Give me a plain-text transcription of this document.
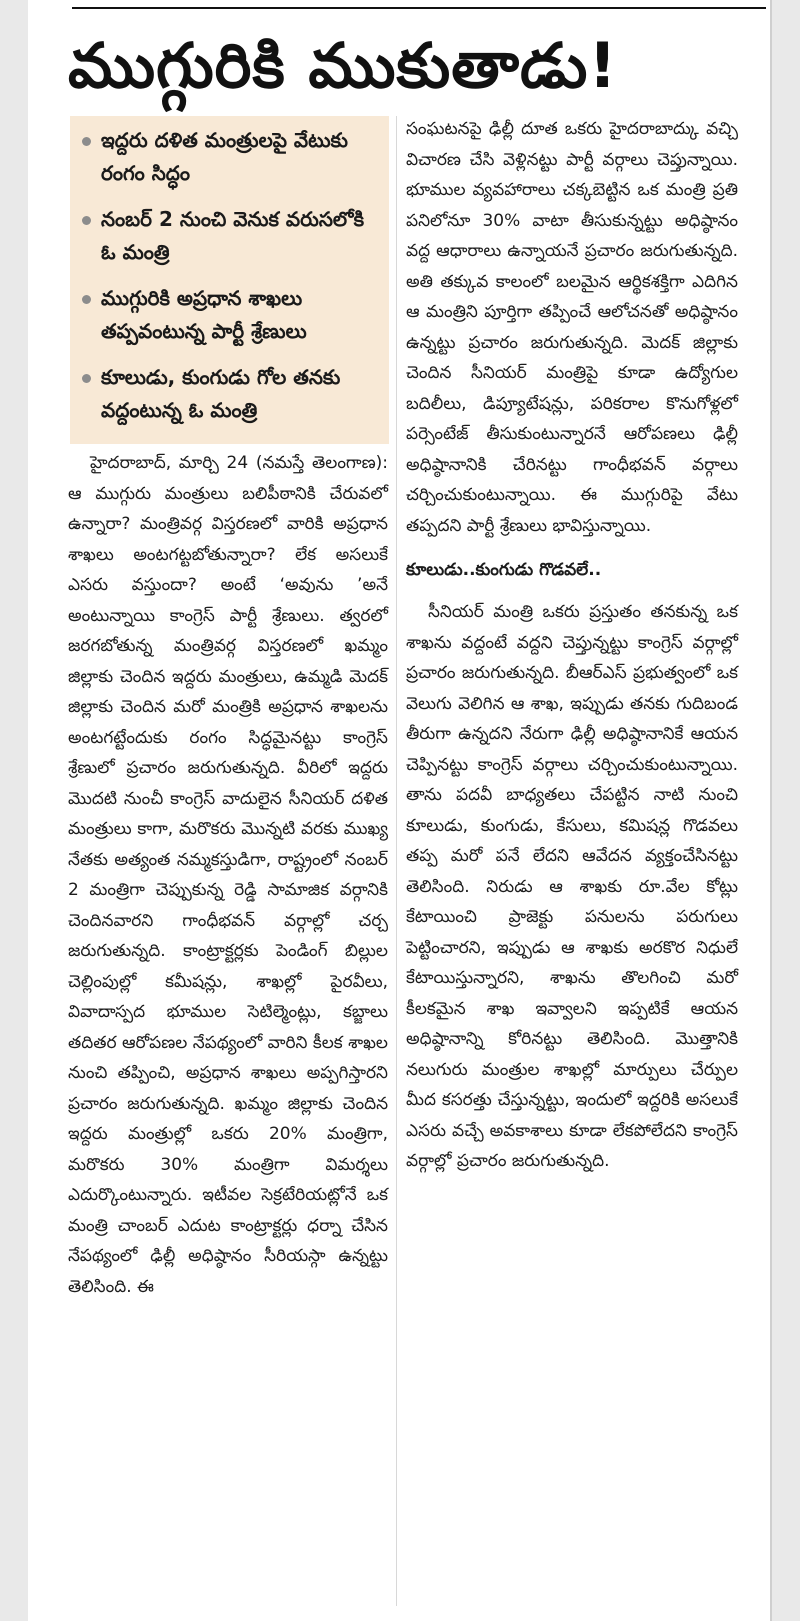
ముగ్గురికి ముకుతాడు!
ఇద్దరు దళిత మంత్రులపై వేటుకు రంగం సిద్ధం
నంబర్ 2 నుంచి వెనుక వరుసలోకి ఓ మంత్రి
ముగ్గురికి అప్రధాన శాఖలు తప్పవంటున్న పార్టీ శ్రేణులు
కూలుడు, కుంగుడు గోల తనకు వద్దంటున్న ఓ మంత్రి

హైదరాబాద్, మార్చి 24 (నమస్తే తెలంగాణ): ఆ ముగ్గురు మంత్రులు బలిపీఠానికి చేరువలో ఉన్నారా? మంత్రివర్గ విస్తరణలో వారికి అప్రధాన శాఖలు అంటగట్టబోతున్నారా? లేక అసలుకే ఎసరు వస్తుందా? అంటే ‘అవును ’అనే అంటున్నాయి కాంగ్రెస్ పార్టీ శ్రేణులు. త్వరలో జరగబోతున్న మంత్రివర్గ విస్తరణలో ఖమ్మం జిల్లాకు చెందిన ఇద్దరు మంత్రులు, ఉమ్మడి మెదక్ జిల్లాకు చెందిన మరో మంత్రికి అప్రధాన శాఖలను అంటగట్టేందుకు రంగం సిద్ధమైనట్టు కాంగ్రెస్ శ్రేణులో ప్రచారం జరుగుతున్నది. వీరిలో ఇద్దరు మొదటి నుంచీ కాంగ్రెస్ వాదులైన సీనియర్ దళిత మంత్రులు కాగా, మరొకరు మొన్నటి వరకు ముఖ్య నేతకు అత్యంత నమ్మకస్తుడిగా, రాష్ట్రంలో నంబర్ 2 మంత్రిగా చెప్పుకున్న రెడ్డి సామాజిక వర్గానికి చెందినవారని గాంధీభవన్ వర్గాల్లో చర్చ జరుగుతున్నది. కాంట్రాక్టర్లకు పెండింగ్ బిల్లుల చెల్లింపుల్లో కమీషన్లు, శాఖల్లో పైరవీలు, వివాదాస్పద భూముల సెటిల్మెంట్లు, కబ్జాలు తదితర ఆరోపణల నేపథ్యంలో వారిని కీలక శాఖల నుంచి తప్పించి, అప్రధాన శాఖలు అప్పగిస్తారని ప్రచారం జరుగుతున్నది. ఖమ్మం జిల్లాకు చెందిన ఇద్దరు మంత్రుల్లో ఒకరు 20% మంత్రిగా, మరొకరు 30% మంత్రిగా విమర్శలు ఎదుర్కొంటున్నారు. ఇటీవల సెక్రటేరియట్లోనే ఒక మంత్రి చాంబర్ ఎదుట కాంట్రాక్టర్లు ధర్నా చేసిన నేపథ్యంలో ఢిల్లీ అధిష్ఠానం సీరియస్గా ఉన్నట్టు తెలిసింది. ఈ

సంఘటనపై ఢిల్లీ దూత ఒకరు హైదరాబాద్కు వచ్చి విచారణ చేసి వెళ్లినట్టు పార్టీ వర్గాలు చెప్తున్నాయి. భూముల వ్యవహారాలు చక్కబెట్టిన ఒక మంత్రి ప్రతి పనిలోనూ 30% వాటా తీసుకున్నట్టు అధిష్ఠానం వద్ద ఆధారాలు ఉన్నాయనే ప్రచారం జరుగుతున్నది. అతి తక్కువ కాలంలో బలమైన ఆర్థికశక్తిగా ఎదిగిన ఆ మంత్రిని పూర్తిగా తప్పించే ఆలోచనతో అధిష్ఠానం ఉన్నట్టు ప్రచారం జరుగుతున్నది. మెదక్ జిల్లాకు చెందిన సీనియర్ మంత్రిపై కూడా ఉద్యోగుల బదిలీలు, డిప్యూటేషన్లు, పరికరాల కొనుగోళ్లలో పర్సెంటేజ్ తీసుకుంటున్నారనే ఆరోపణలు ఢిల్లీ అధిష్ఠానానికి చేరినట్టు గాంధీభవన్ వర్గాలు చర్చించుకుంటున్నాయి. ఈ ముగ్గురిపై వేటు తప్పదని పార్టీ శ్రేణులు భావిస్తున్నాయి.

కూలుడు..కుంగుడు గొడవలే..

సీనియర్ మంత్రి ఒకరు ప్రస్తుతం తనకున్న ఒక శాఖను వద్దంటే వద్దని చెప్తున్నట్టు కాంగ్రెస్ వర్గాల్లో ప్రచారం జరుగుతున్నది. బీఆర్ఎస్ ప్రభుత్వంలో ఒక వెలుగు వెలిగిన ఆ శాఖ, ఇప్పుడు తనకు గుదిబండ తీరుగా ఉన్నదని నేరుగా ఢిల్లీ అధిష్ఠానానికే ఆయన చెప్పినట్టు కాంగ్రెస్ వర్గాలు చర్చించుకుంటున్నాయి. తాను పదవీ బాధ్యతలు చేపట్టిన నాటి నుంచి కూలుడు, కుంగుడు, కేసులు, కమిషన్ల గొడవలు తప్ప మరో పనే లేదని ఆవేదన వ్యక్తంచేసినట్టు తెలిసింది. నిరుడు ఆ శాఖకు రూ.వేల కోట్లు కేటాయించి ప్రాజెక్టు పనులను పరుగులు పెట్టించారని, ఇప్పుడు ఆ శాఖకు అరకొర నిధులే కేటాయిస్తున్నారని, శాఖను తొలగించి మరో కీలకమైన శాఖ ఇవ్వాలని ఇప్పటికే ఆయన అధిష్ఠానాన్ని కోరినట్టు తెలిసింది. మొత్తానికి నలుగురు మంత్రుల శాఖల్లో మార్పులు చేర్పుల మీద కసరత్తు చేస్తున్నట్టు, ఇందులో ఇద్దరికి అసలుకే ఎసరు వచ్చే అవకాశాలు కూడా లేకపోలేదని కాంగ్రెస్ వర్గాల్లో ప్రచారం జరుగుతున్నది.
